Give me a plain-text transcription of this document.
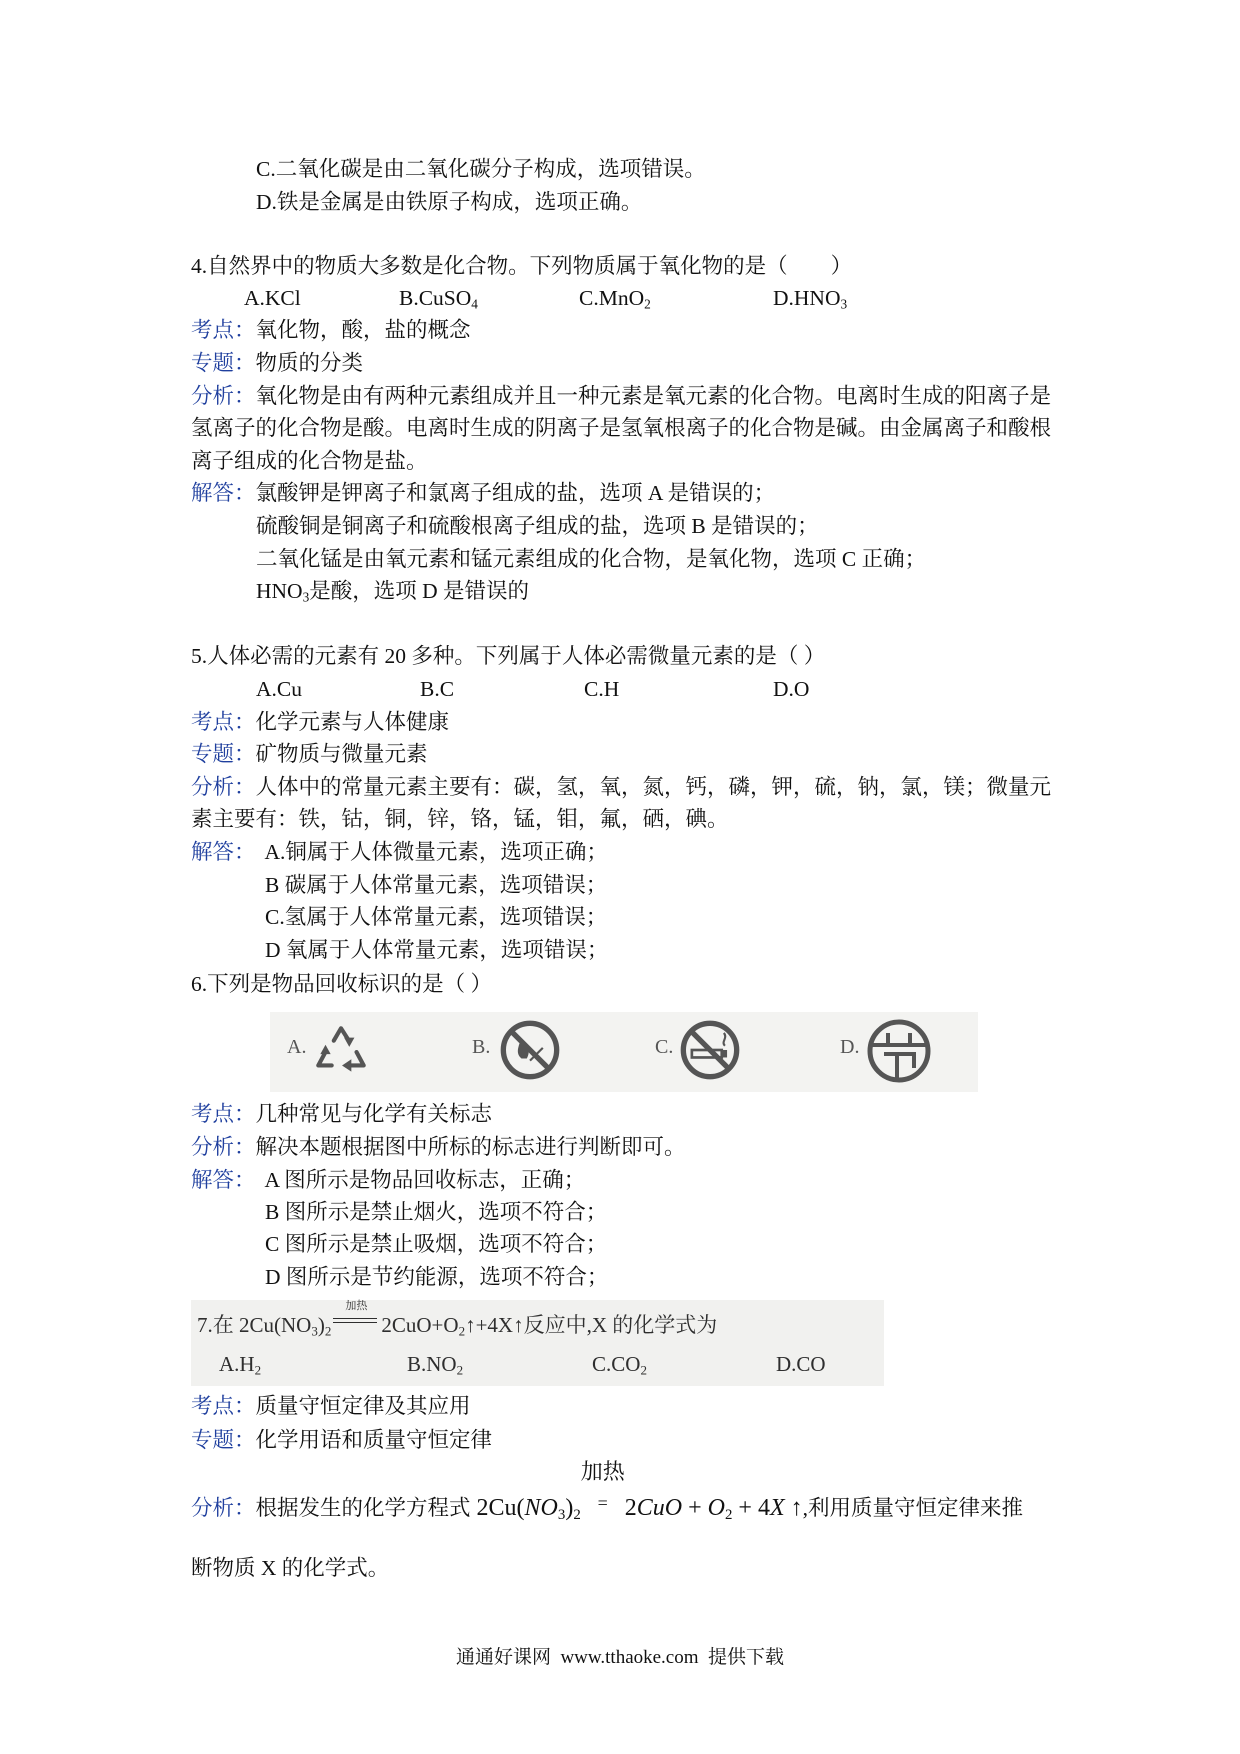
C.二氧化碳是由二氧化碳分子构成，选项错误。
D.铁是金属是由铁原子构成，选项正确。
4.自然界中的物质大多数是化合物。下列物质属于氧化物的是（　　）
A.KCl	B.CuSO4	C.MnO2	D.HNO3
考点：氧化物，酸，盐的概念
专题：物质的分类
分析：氧化物是由有两种元素组成并且一种元素是氧元素的化合物。电离时生成的阳离子是
氢离子的化合物是酸。电离时生成的阴离子是氢氧根离子的化合物是碱。由金属离子和酸根
离子组成的化合物是盐。
解答：氯酸钾是钾离子和氯离子组成的盐，选项 A 是错误的；
硫酸铜是铜离子和硫酸根离子组成的盐，选项 B 是错误的；
二氧化锰是由氧元素和锰元素组成的化合物，是氧化物，选项 C 正确；
HNO3是酸，选项 D 是错误的
5.人体必需的元素有 20 多种。下列属于人体必需微量元素的是（ ）
A.Cu	B.C	C.H	D.O
考点：化学元素与人体健康
专题：矿物质与微量元素
分析：人体中的常量元素主要有：碳，氢，氧，氮，钙，磷，钾，硫，钠，氯，镁；微量元
素主要有：铁，钴，铜，锌，铬，锰，钼，氟，硒，碘。
解答： A.铜属于人体微量元素，选项正确；
B 碳属于人体常量元素，选项错误；
C.氢属于人体常量元素，选项错误；
D 氧属于人体常量元素，选项错误；
6.下列是物品回收标识的是（ ）
A.	B.	C.	D.
考点：几种常见与化学有关标志
分析：解决本题根据图中所标的标志进行判断即可。
解答： A 图所示是物品回收标志，正确；
B 图所示是禁止烟火，选项不符合；
C 图所示是禁止吸烟，选项不符合；
D 图所示是节约能源，选项不符合；
7.在 2Cu(NO3)2
加热
2CuO+O2↑+4X↑反应中,X 的化学式为
A.H2	B.NO2	C.CO2	D.CO
考点：质量守恒定律及其应用
专题：化学用语和质量守恒定律
分析：根据发生的化学方程式 2Cu(NO3)2
加热
= 2CuO + O2 + 4X ↑,利用质量守恒定律来推
断物质 X 的化学式。
通通好课网  www.tthaoke.com  提供下载
